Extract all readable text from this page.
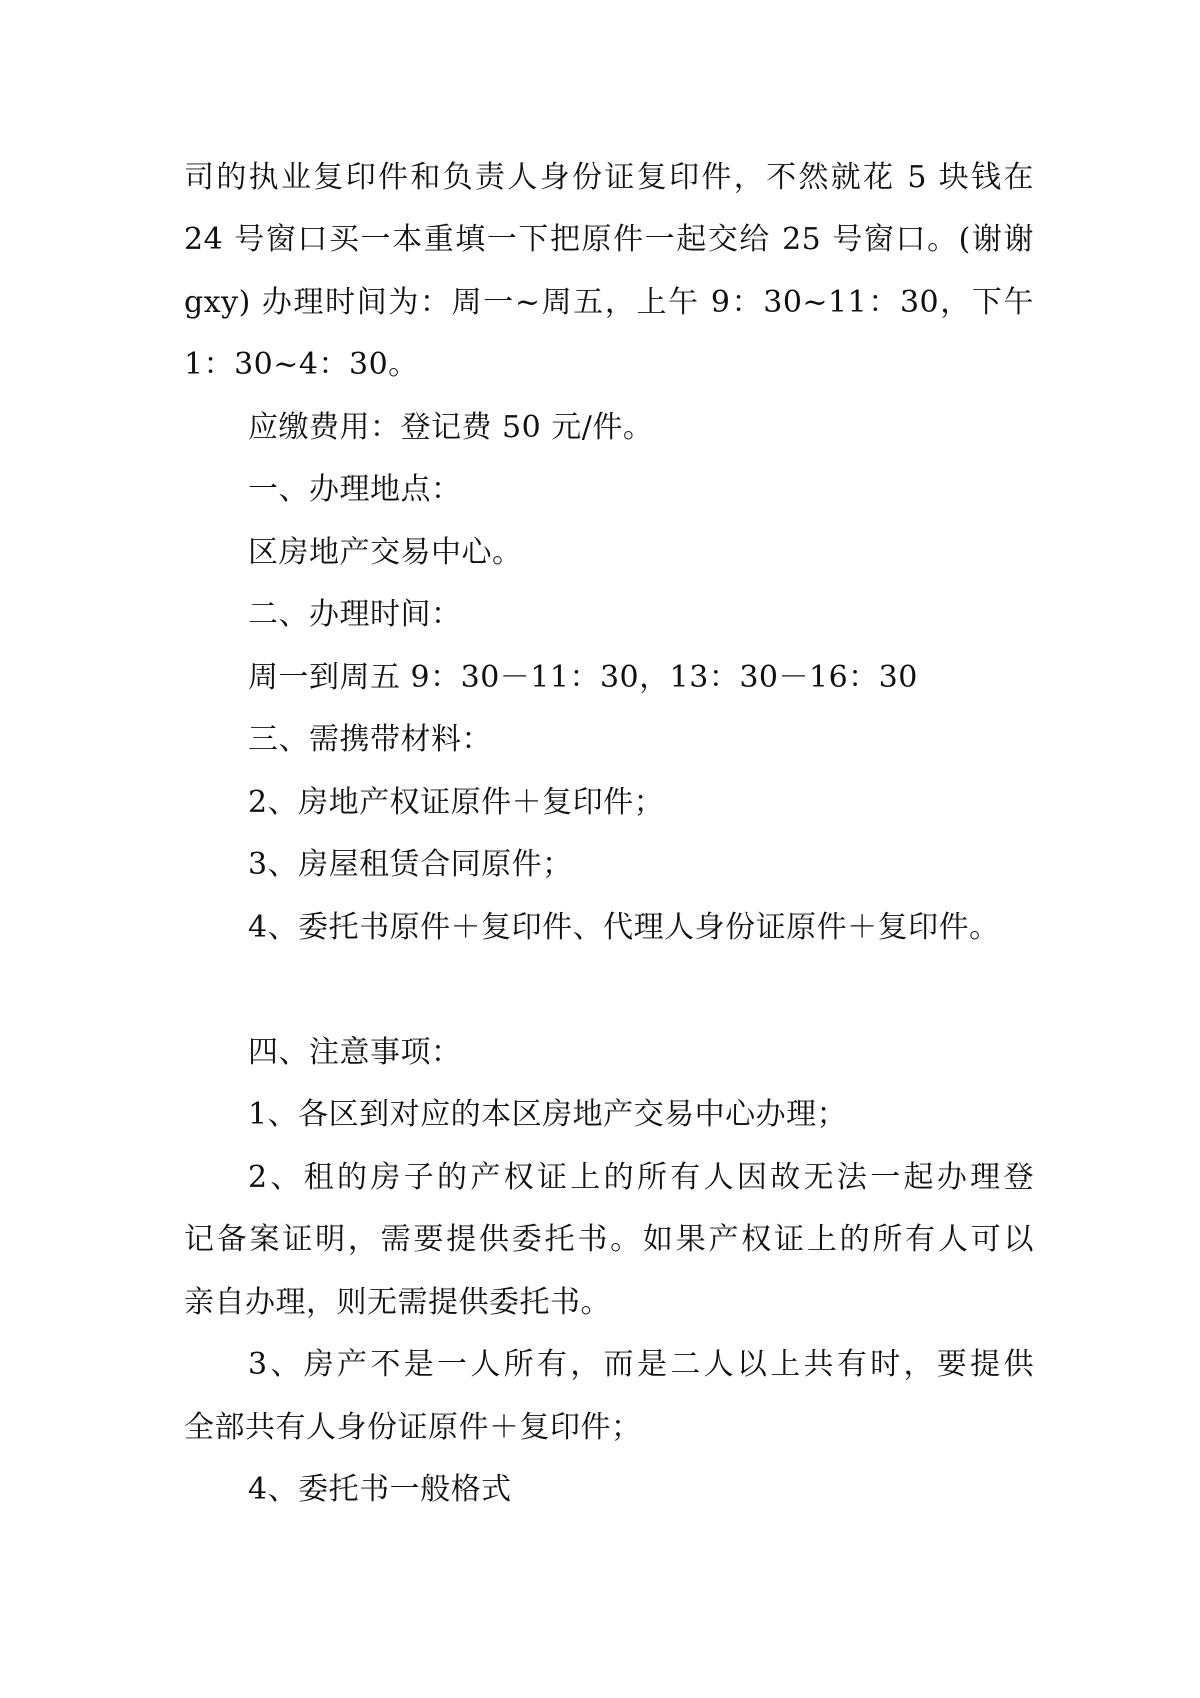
司的执业复印件和负责人身份证复印件，不然就花 5 块钱在
24 号窗口买一本重填一下把原件一起交给 25 号窗口。(谢谢
gxy) 办理时间为：周一~周五，上午 9：30~11：30，下午
1：30~4：30。
应缴费用：登记费 50 元/件。
一、办理地点：
区房地产交易中心。
二、办理时间：
周一到周五 9：30－11：30，13：30－16：30
三、需携带材料：
2、房地产权证原件＋复印件；
3、房屋租赁合同原件；
4、委托书原件＋复印件、代理人身份证原件＋复印件。
四、注意事项：
1、各区到对应的本区房地产交易中心办理；
2、租的房子的产权证上的所有人因故无法一起办理登
记备案证明，需要提供委托书。如果产权证上的所有人可以
亲自办理，则无需提供委托书。
3、房产不是一人所有，而是二人以上共有时，要提供
全部共有人身份证原件＋复印件；
4、委托书一般格式
